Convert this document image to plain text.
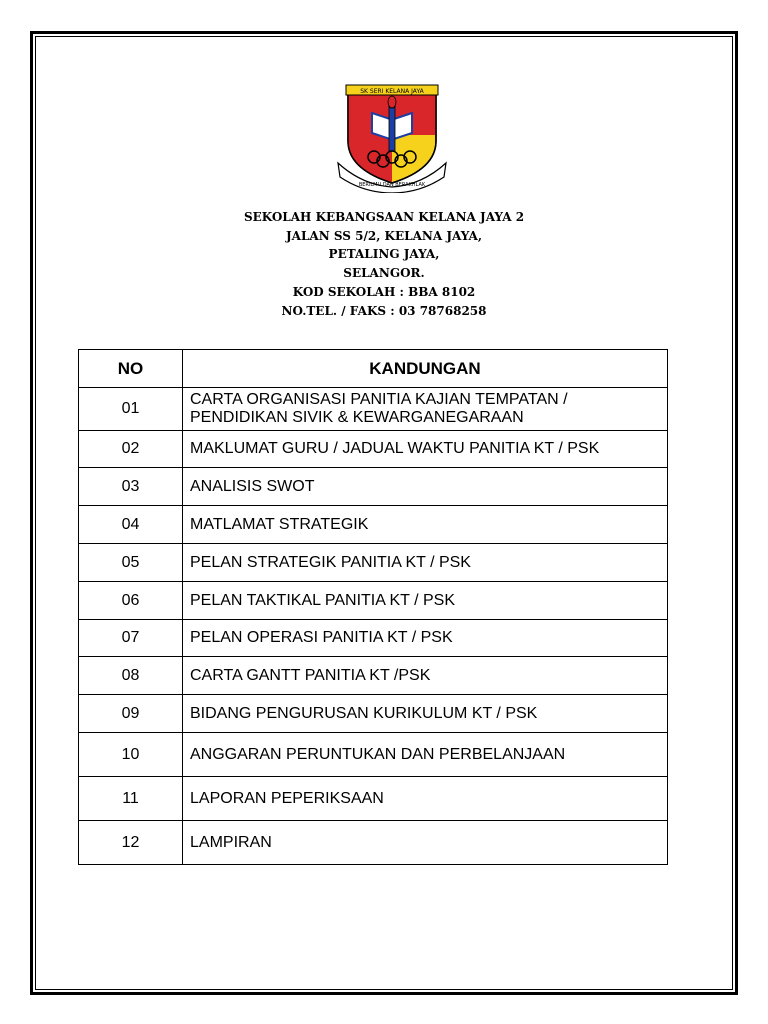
SK SERI KELANA JAYA
BERILMU DAN BERAKHLAK
SEKOLAH KEBANGSAAN KELANA JAYA 2
JALAN SS 5/2, KELANA JAYA,
PETALING JAYA,
SELANGOR.
KOD SEKOLAH : BBA 8102
NO.TEL. / FAKS : 03 78768258
NO	KANDUNGAN
01	CARTA ORGANISASI PANITIA KAJIAN TEMPATAN /
PENDIDIKAN SIVIK & KEWARGANEGARAAN

02	MAKLUMAT GURU / JADUAL WAKTU PANITIA KT / PSK
03	ANALISIS SWOT
04	MATLAMAT STRATEGIK
05	PELAN STRATEGIK PANITIA KT / PSK
06	PELAN TAKTIKAL PANITIA KT / PSK
07	PELAN OPERASI PANITIA KT / PSK
08	CARTA GANTT PANITIA KT /PSK
09	BIDANG PENGURUSAN KURIKULUM KT / PSK
10	ANGGARAN PERUNTUKAN DAN PERBELANJAAN
11	LAPORAN PEPERIKSAAN
12	LAMPIRAN
